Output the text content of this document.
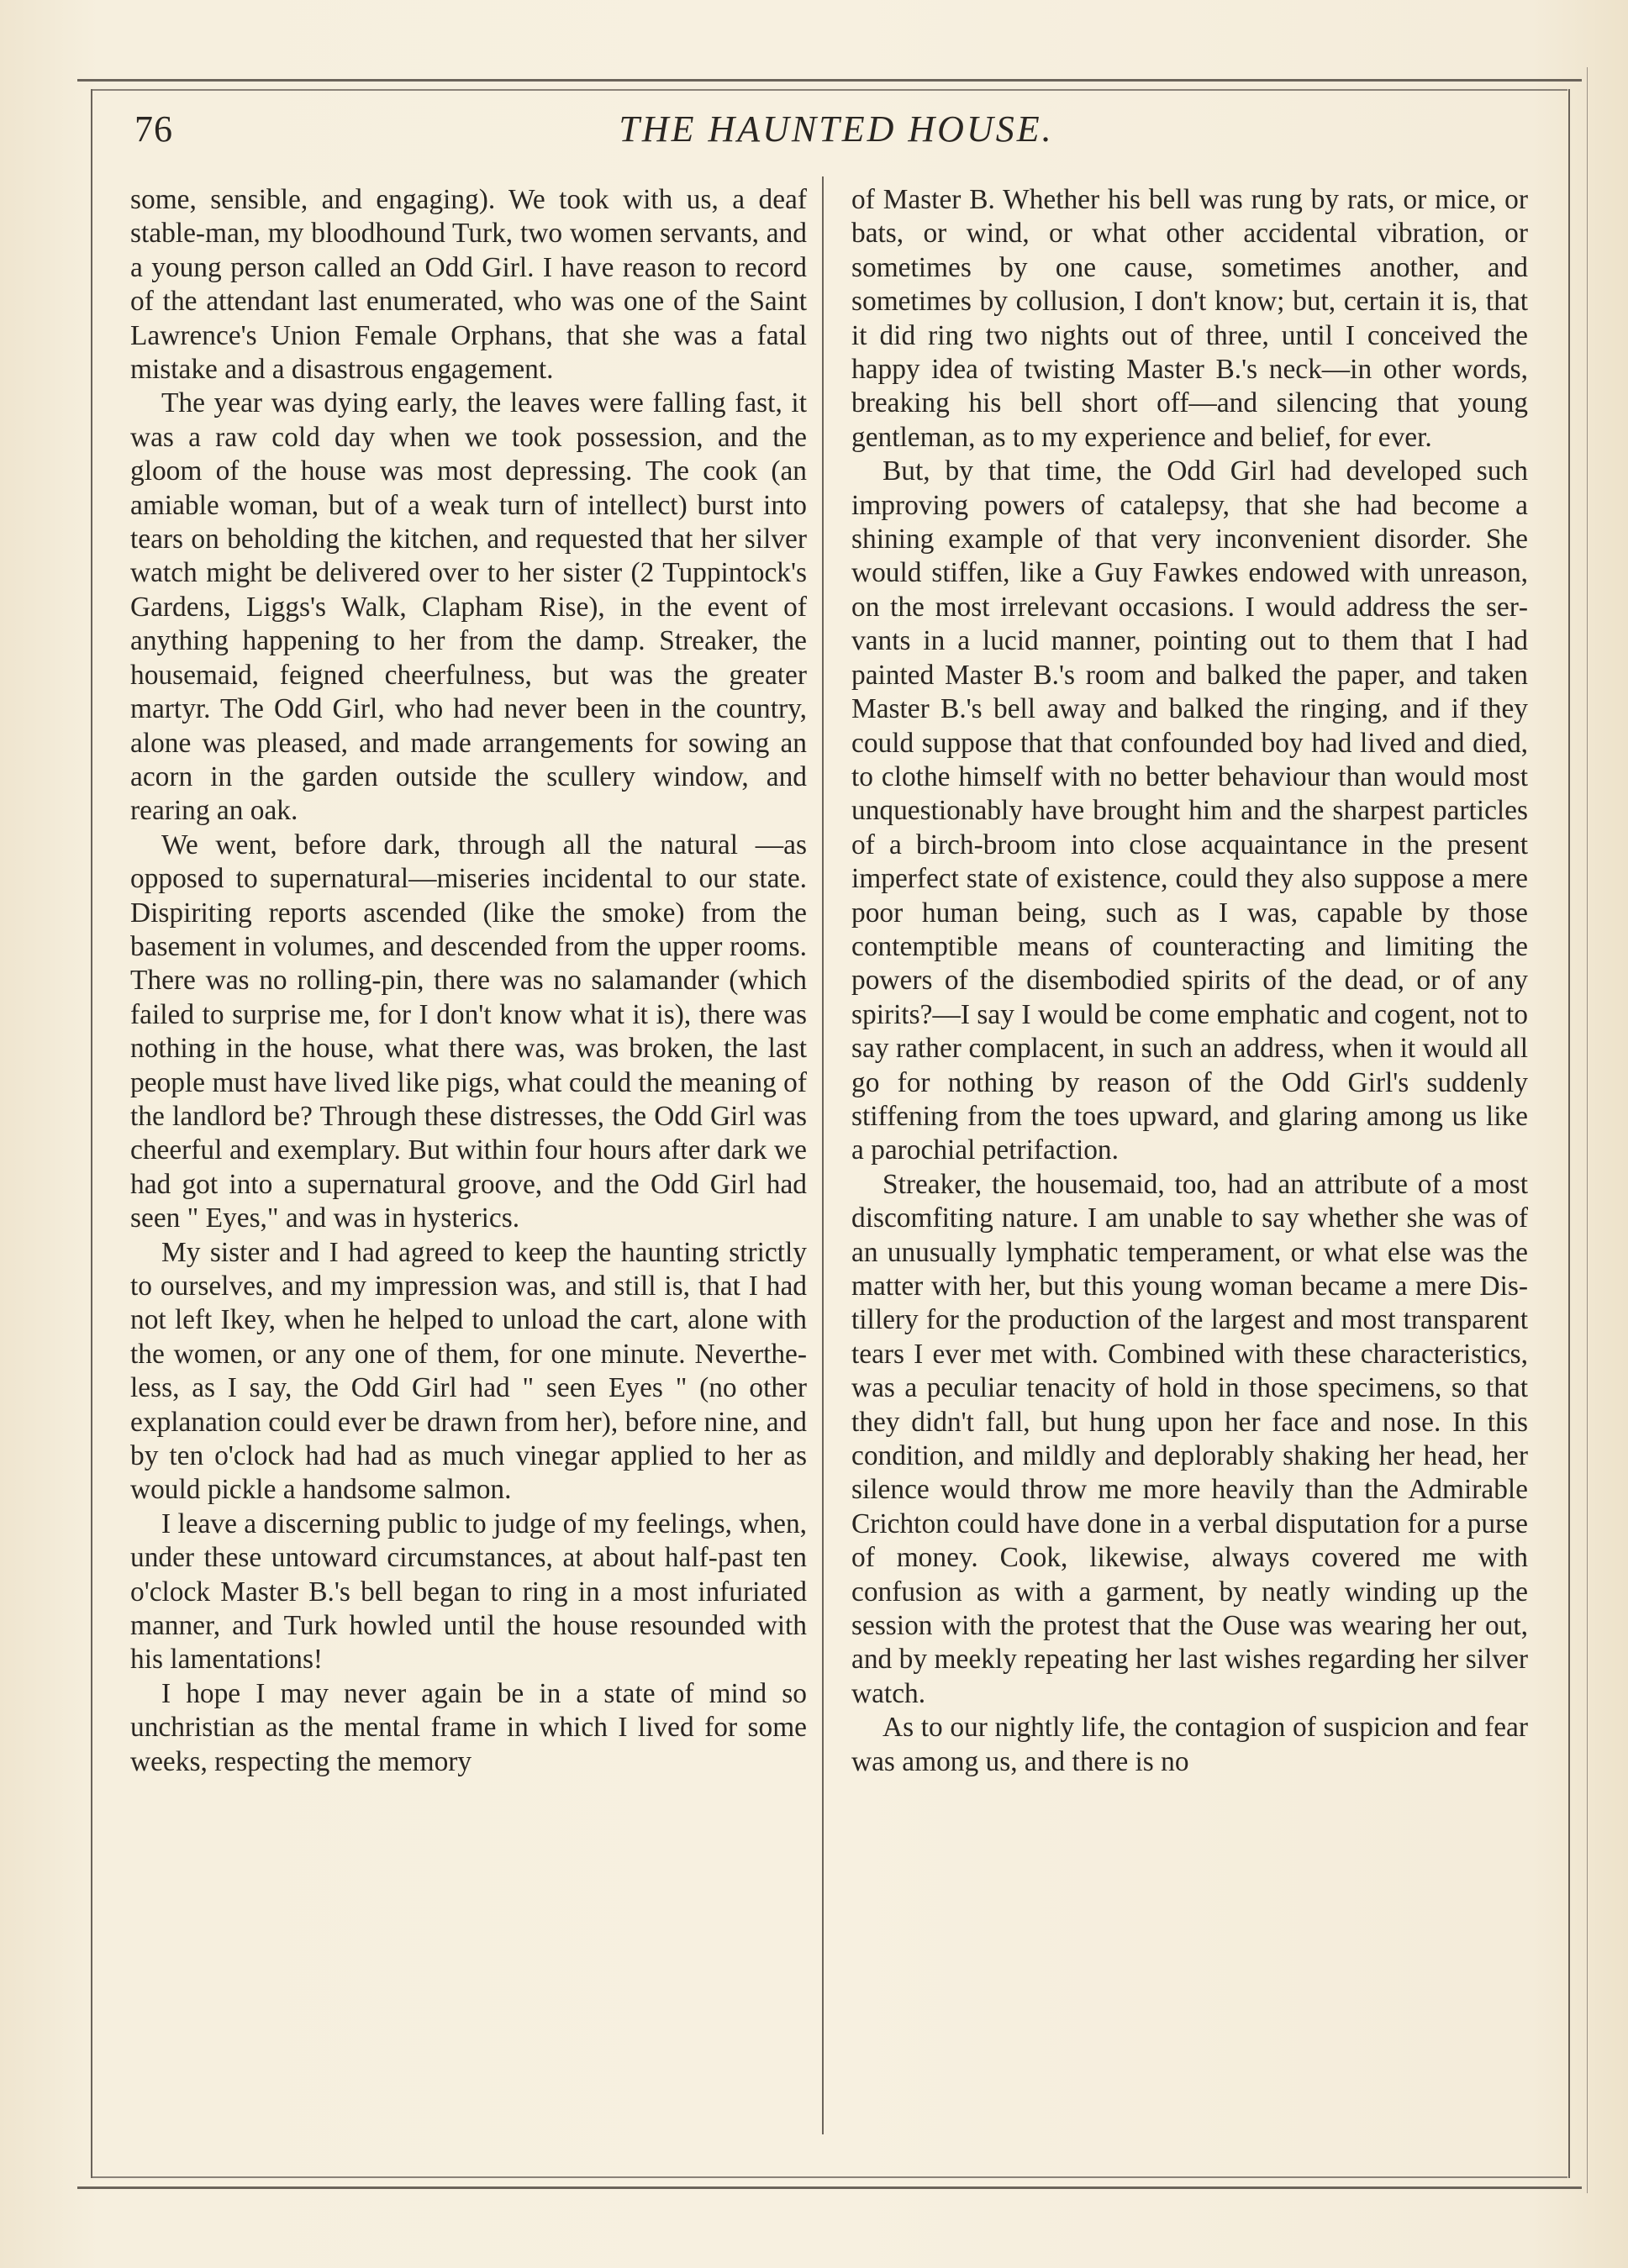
76	THE HAUNTED HOUSE.

some, sensible, and engaging). We took with us, a deaf stable-man, my bloodhound Turk, two women servants, and a young person called an Odd Girl. I have reason to record of the attendant last enumerated, who was one of the Saint Lawrence's Union Female Orphans, that she was a fatal mistake and a disastrous engagement.

The year was dying early, the leaves were falling fast, it was a raw cold day when we took possession, and the gloom of the house was most depressing. The cook (an amiable woman, but of a weak turn of intellect) burst into tears on beholding the kitchen, and requested that her silver watch might be delivered over to her sister (2 Tuppintock's Gardens, Liggs's Walk, Clapham Rise), in the event of anything happening to her from the damp. Streaker, the housemaid, feigned cheerfulness, but was the greater martyr. The Odd Girl, who had never been in the country, alone was pleased, and made arrangements for sowing an acorn in the garden outside the scullery window, and rearing an oak.

We went, before dark, through all the natural —as opposed to supernatural—miseries incidental to our state. Dispiriting reports ascended (like the smoke) from the basement in volumes, and descended from the upper rooms. There was no rolling-pin, there was no salamander (which failed to surprise me, for I don't know what it is), there was nothing in the house, what there was, was broken, the last people must have lived like pigs, what could the meaning of the landlord be? Through these distresses, the Odd Girl was cheerful and exemplary. But within four hours after dark we had got into a supernatural groove, and the Odd Girl had seen " Eyes," and was in hysterics.

My sister and I had agreed to keep the haunting strictly to ourselves, and my impression was, and still is, that I had not left Ikey, when he helped to unload the cart, alone with the women, or any one of them, for one minute. Nevertheless, as I say, the Odd Girl had " seen Eyes " (no other explanation could ever be drawn from her), before nine, and by ten o'clock had had as much vinegar applied to her as would pickle a handsome salmon.

I leave a discerning public to judge of my feelings, when, under these untoward circumstances, at about half-past ten o'clock Master B.'s bell began to ring in a most infuriated manner, and Turk howled until the house resounded with his lamentations!

I hope I may never again be in a state of mind so unchristian as the mental frame in which I lived for some weeks, respecting the memory

of Master B. Whether his bell was rung by rats, or mice, or bats, or wind, or what other accidental vibration, or sometimes by one cause, sometimes another, and sometimes by collusion, I don't know; but, certain it is, that it did ring two nights out of three, until I conceived the happy idea of twisting Master B.'s neck—in other words, breaking his bell short off—and silencing that young gentleman, as to my experience and belief, for ever.

But, by that time, the Odd Girl had developed such improving powers of catalepsy, that she had become a shining example of that very inconvenient disorder. She would stiffen, like a Guy Fawkes endowed with unreason, on the most irrelevant occasions. I would address the servants in a lucid manner, pointing out to them that I had painted Master B.'s room and balked the paper, and taken Master B.'s bell away and balked the ringing, and if they could suppose that that confounded boy had lived and died, to clothe himself with no better behaviour than would most unquestionably have brought him and the sharpest particles of a birch-broom into close acquaintance in the present imperfect state of existence, could they also suppose a mere poor human being, such as I was, capable by those contemptible means of counteracting and limiting the powers of the disembodied spirits of the dead, or of any spirits?—I say I would be come emphatic and cogent, not to say rather complacent, in such an address, when it would all go for nothing by reason of the Odd Girl's suddenly stiffening from the toes upward, and glaring among us like a parochial petrifaction.

Streaker, the housemaid, too, had an attribute of a most discomfiting nature. I am unable to say whether she was of an unusually lymphatic temperament, or what else was the matter with her, but this young woman became a mere Distillery for the production of the largest and most transparent tears I ever met with. Combined with these characteristics, was a peculiar tenacity of hold in those specimens, so that they didn't fall, but hung upon her face and nose. In this condition, and mildly and deplorably shaking her head, her silence would throw me more heavily than the Admirable Crichton could have done in a verbal disputation for a purse of money. Cook, likewise, always covered me with confusion as with a garment, by neatly winding up the session with the protest that the Ouse was wearing her out, and by meekly repeating her last wishes regarding her silver watch.

As to our nightly life, the contagion of suspicion and fear was among us, and there is no
